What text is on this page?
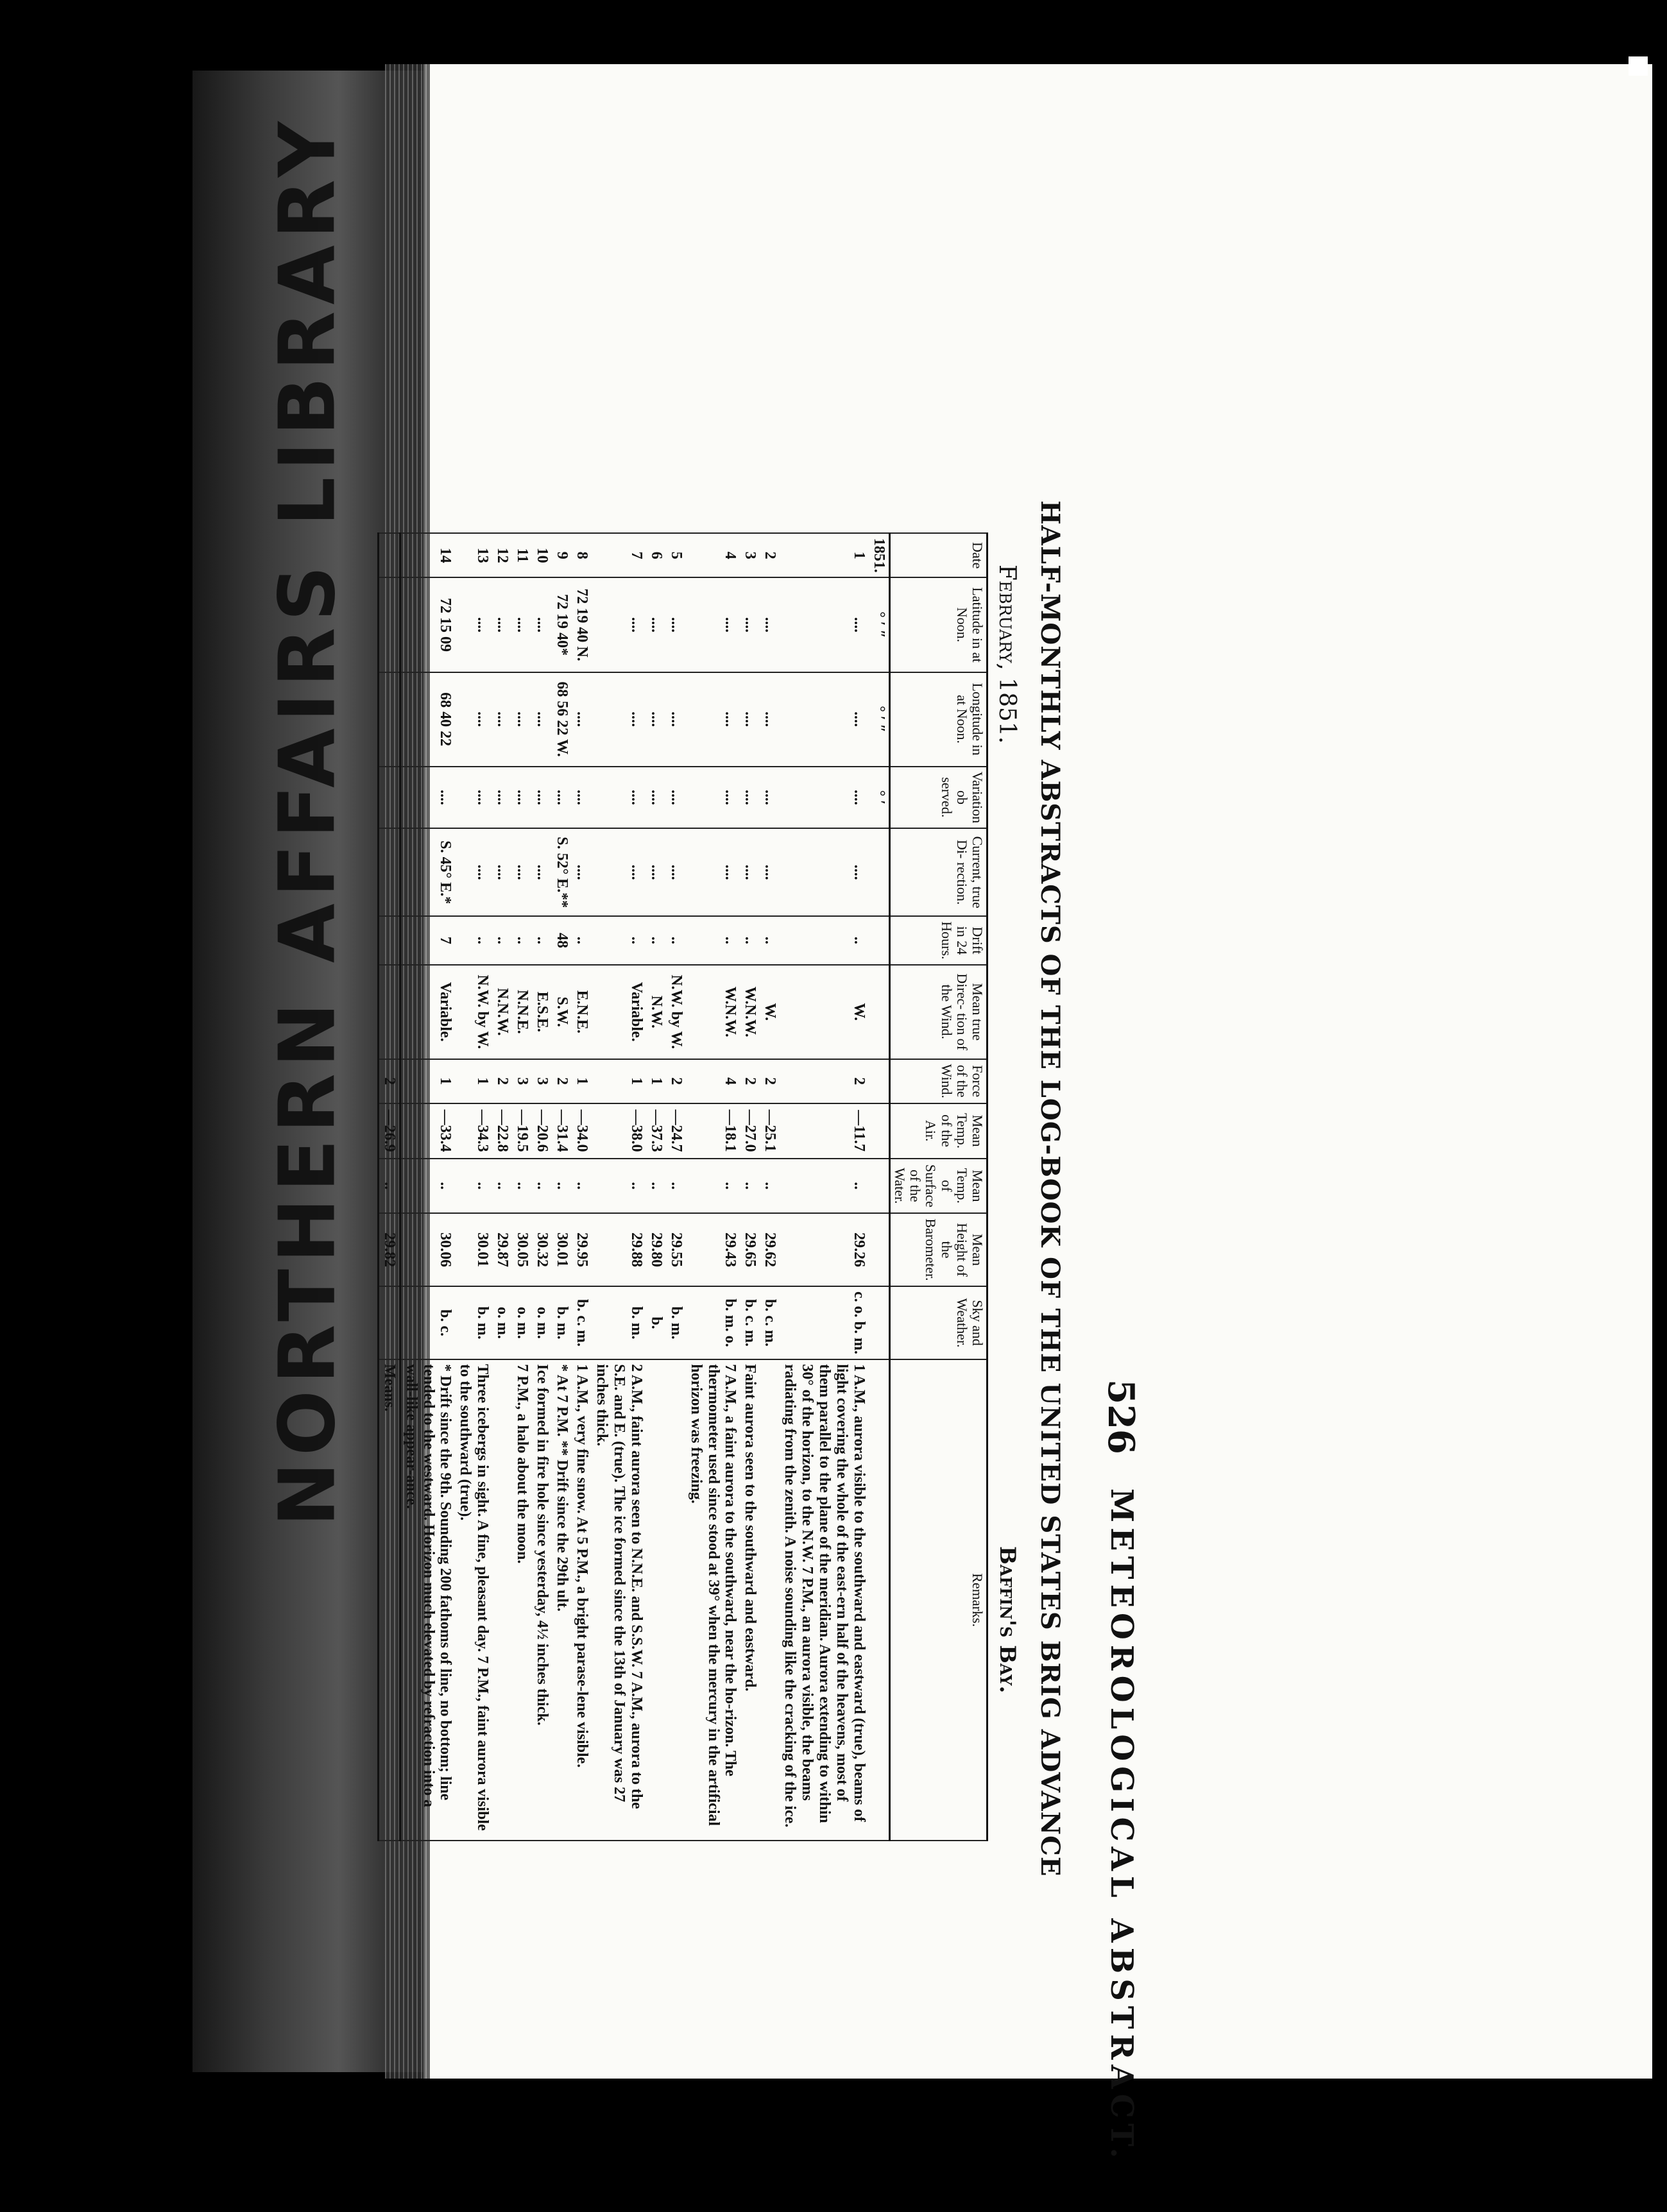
NORTHERN AFFAIRS LIBRARY	526
METEOROLOGICAL ABSTRACT.
HALF-MONTHLY ABSTRACTS OF THE LOG-BOOK OF THE UNITED STATES BRIG ADVANCE
February, 1851.
Baffin's Bay.
Date	Latitude in at Noon.	Longitude in at Noon.	Variation ob served.	Current, true Di- rection.	Drift in 24 Hours.	Mean true Direc- tion of the Wind.	Force of the Wind.	Mean Temp. of the Air.	Mean Temp. of Surface of the Water.	Mean Height of the Barometer.	Sky and Weather.	Remarks.
1851.	° ′ ″	° ′ ″	° ′									
1	....	....	....	....	..	W.	2	—11.7	..	29.26	c. o. b. m.	1 A.M., aurora visible to the southward and eastward (true), beams of light covering the whole of the east-ern half of the heavens, most of them parallel to the plane of the meridian. Aurora extending to within 30° of the horizon, to the N.W. 7 P.M., an aurora visible, the beams radiating from the zenith. A noise sounding like the cracking of the ice.
2	....	....	....	....	..	W.	2	—25.1	..	29.62	b. c. m.	
3	....	....	....	....	..	W.N.W.	2	—27.0	..	29.65	b. c. m.	Faint aurora seen to the southward and eastward.
4	....	....	....	....	..	W.N.W.	4	—18.1	..	29.43	b. m. o.	7 A.M., a faint aurora to the southward, near the ho-rizon. The thermometer used since stood at 39° when the mercury in the artificial horizon was freezing.
5	....	....	....	....	..	N.W. by W.	2	—24.7	..	29.55	b. m.	
6	....	....	....	....	..	N.W.	1	—37.3	..	29.80	b.	
7	....	....	....	....	..	Variable.	1	—38.0	..	29.88	b. m.	2 A.M., faint aurora seen to N.N.E. and S.S.W. 7 A.M., aurora to the S.E. and E. (true). The ice formed since the 13th of January was 27 inches thick.
8	72 19 40 N.	....	....	....	..	E.N.E.	1	—34.0	..	29.95	b. c. m.	1 A.M., very fine snow. At 5 P.M., a bright parase-lene visible.
9	72 19 40*	68 56 22 W.	....	S. 52° E.**	48	S.W.	2	—31.4	..	30.01	b. m.	* At 7 P.M. ** Drift since the 29th ult.
10	....	....	....	....	..	E.S.E.	3	—20.6	..	30.32	o. m.	Ice formed in fire hole since yesterday, 4½ inches thick.
11	....	....	....	....	..	N.N.E.	3	—19.5	..	30.05	o. m.	7 P.M., a halo about the moon.
12	....	....	....	....	..	N.N.W.	2	—22.8	..	29.87	o. m.	
13	....	....	....	....	..	N.W. by W.	1	—34.3	..	30.01	b. m.	Three icebergs in sight. A fine, pleasant day. 7 P.M., faint aurora visible to the southward (true).
14	72 15 09	68 40 22	....	S. 45° E.*	7	Variable.	1	—33.4	..	30.06	b. c.	* Drift since the 9th. Sounding 200 fathoms of line, no bottom; line tended to the westward. Horizon much elevated by refraction into a wall-like appear-ance.
							2	—26.9	..	29.82		Means.
